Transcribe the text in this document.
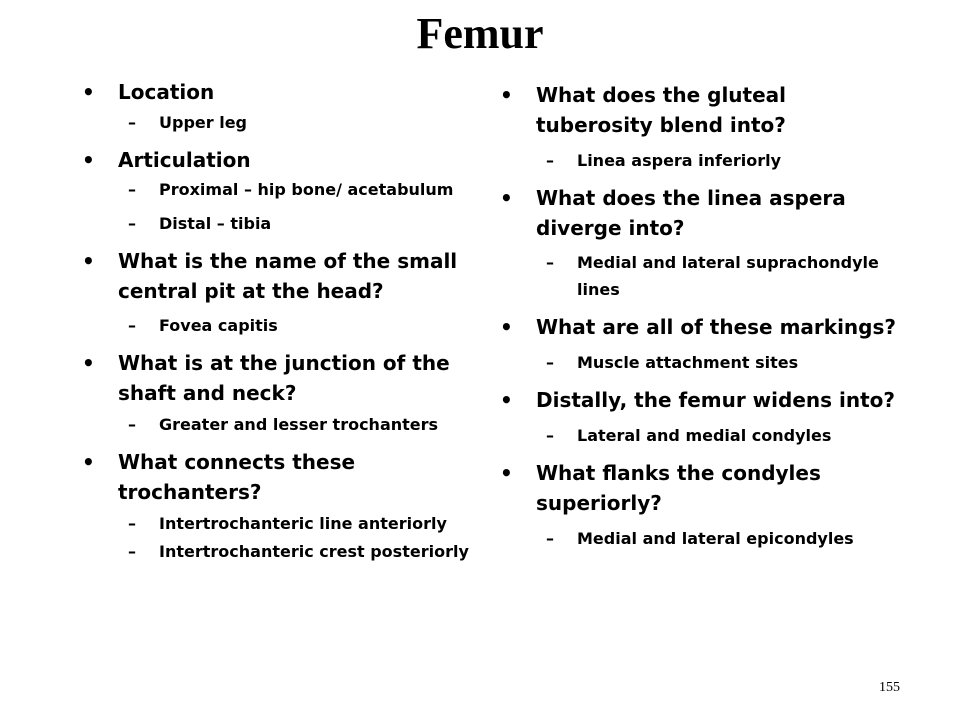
Femur
• Location
– Upper leg
• Articulation
– Proximal – hip bone/ acetabulum
– Distal – tibia
• What is the name of the small central pit at the head?
– Fovea capitis
• What is at the junction of the shaft and neck?
– Greater and lesser trochanters
• What connects these trochanters?
– Intertrochanteric line anteriorly
– Intertrochanteric crest posteriorly
• What does the gluteal tuberosity blend into?
– Linea aspera inferiorly
• What does the linea aspera diverge into?
– Medial and lateral suprachondyle lines
• What are all of these markings?
– Muscle attachment sites
• Distally, the femur widens into?
– Lateral and medial condyles
• What flanks the condyles superiorly?
– Medial and lateral epicondyles
155
